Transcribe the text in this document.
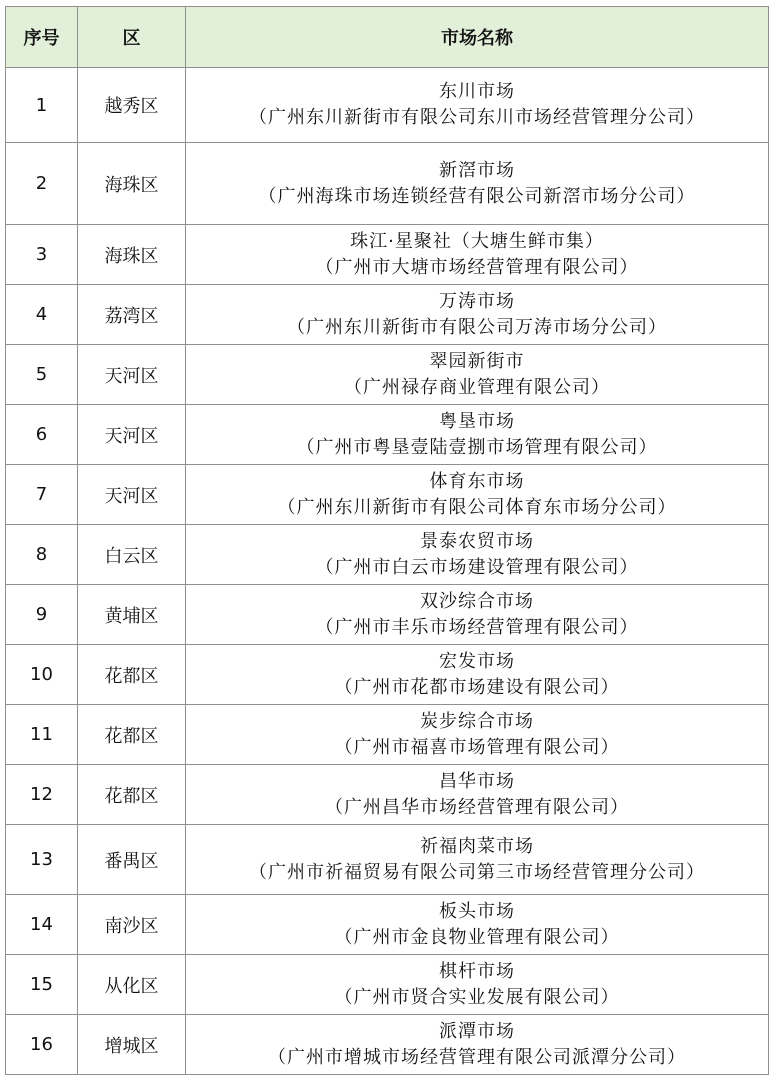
序号	区	市场名称
1	越秀区	东川市场
（广州东川新街市有限公司东川市场经营管理分公司）

2	海珠区	新滘市场
（广州海珠市场连锁经营有限公司新滘市场分公司）

3	海珠区	珠江·星聚社（大塘生鲜市集）
（广州市大塘市场经营管理有限公司）

4	荔湾区	万涛市场
（广州东川新街市有限公司万涛市场分公司）

5	天河区	翠园新街市
（广州禄存商业管理有限公司）

6	天河区	粤垦市场
（广州市粤垦壹陆壹捌市场管理有限公司）

7	天河区	体育东市场
（广州东川新街市有限公司体育东市场分公司）

8	白云区	景泰农贸市场
（广州市白云市场建设管理有限公司）

9	黄埔区	双沙综合市场
（广州市丰乐市场经营管理有限公司）

10	花都区	宏发市场
（广州市花都市场建设有限公司）

11	花都区	炭步综合市场
（广州市福喜市场管理有限公司）

12	花都区	昌华市场
（广州昌华市场经营管理有限公司）

13	番禺区	祈福肉菜市场
（广州市祈福贸易有限公司第三市场经营管理分公司）

14	南沙区	板头市场
（广州市金良物业管理有限公司）

15	从化区	棋杆市场
（广州市贤合实业发展有限公司）

16	增城区	派潭市场
（广州市增城市场经营管理有限公司派潭分公司）
